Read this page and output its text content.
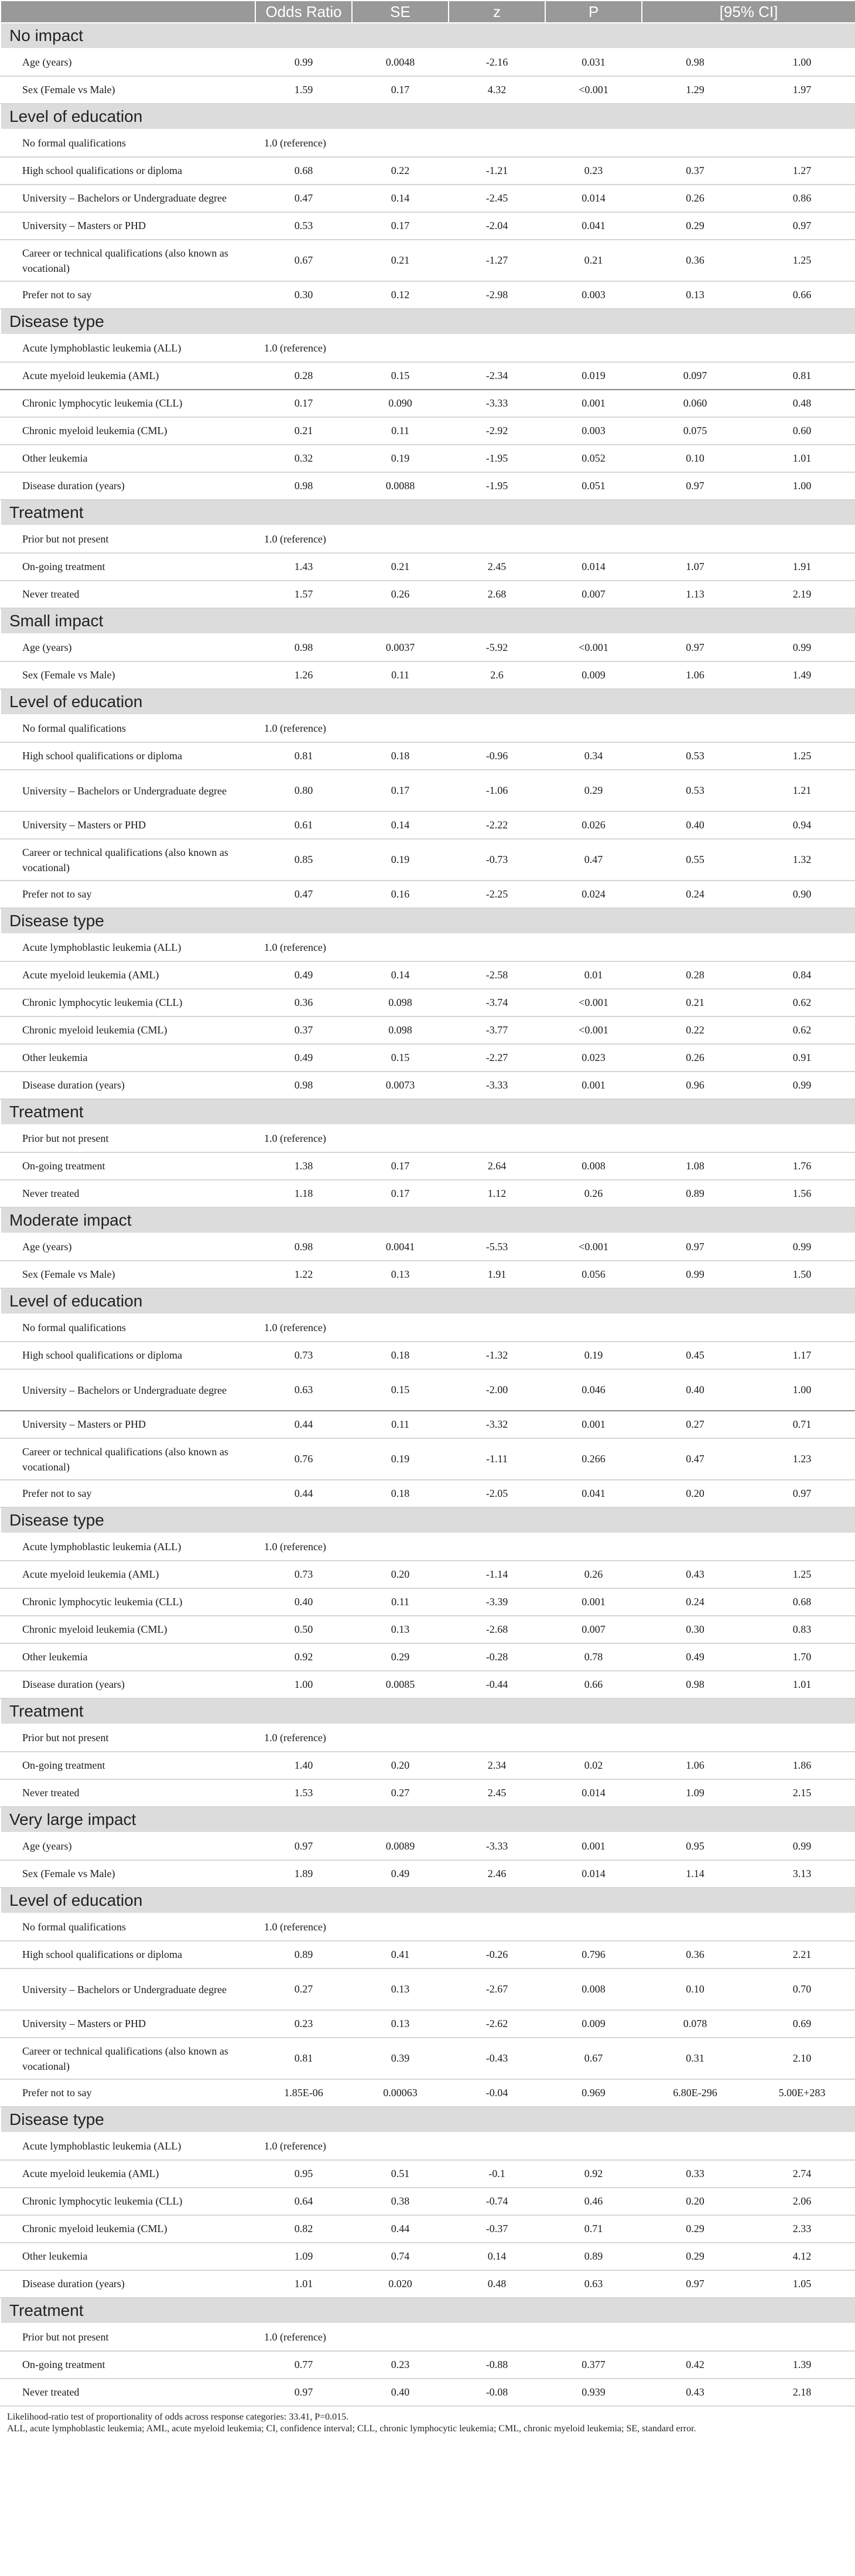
	Odds Ratio	SE	z	P	[95% CI]	
No impact						
Age (years)	0.99	0.0048	-2.16	0.031	0.98	1.00
Sex (Female vs Male)	1.59	0.17	4.32	<0.001	1.29	1.97
Level of education						
No formal qualifications	1.0 (reference)					
High school qualifications or diploma	0.68	0.22	-1.21	0.23	0.37	1.27
University – Bachelors or Undergraduate degree	0.47	0.14	-2.45	0.014	0.26	0.86
University – Masters or PHD	0.53	0.17	-2.04	0.041	0.29	0.97
Career or technical qualifications (also known as vocational)	0.67	0.21	-1.27	0.21	0.36	1.25
Prefer not to say	0.30	0.12	-2.98	0.003	0.13	0.66
Disease type						
Acute lymphoblastic leukemia (ALL)	1.0 (reference)					
Acute myeloid leukemia (AML)	0.28	0.15	-2.34	0.019	0.097	0.81
Chronic lymphocytic leukemia (CLL)	0.17	0.090	-3.33	0.001	0.060	0.48
Chronic myeloid leukemia (CML)	0.21	0.11	-2.92	0.003	0.075	0.60
Other leukemia	0.32	0.19	-1.95	0.052	0.10	1.01
Disease duration (years)	0.98	0.0088	-1.95	0.051	0.97	1.00
Treatment						
Prior but not present	1.0 (reference)					
On-going treatment	1.43	0.21	2.45	0.014	1.07	1.91
Never treated	1.57	0.26	2.68	0.007	1.13	2.19
Small impact						
Age (years)	0.98	0.0037	-5.92	<0.001	0.97	0.99
Sex (Female vs Male)	1.26	0.11	2.6	0.009	1.06	1.49
Level of education						
No formal qualifications	1.0 (reference)					
High school qualifications or diploma	0.81	0.18	-0.96	0.34	0.53	1.25
University – Bachelors or Undergraduate degree	0.80	0.17	-1.06	0.29	0.53	1.21
University – Masters or PHD	0.61	0.14	-2.22	0.026	0.40	0.94
Career or technical qualifications (also known as vocational)	0.85	0.19	-0.73	0.47	0.55	1.32
Prefer not to say	0.47	0.16	-2.25	0.024	0.24	0.90
Disease type						
Acute lymphoblastic leukemia (ALL)	1.0 (reference)					
Acute myeloid leukemia (AML)	0.49	0.14	-2.58	0.01	0.28	0.84
Chronic lymphocytic leukemia (CLL)	0.36	0.098	-3.74	<0.001	0.21	0.62
Chronic myeloid leukemia (CML)	0.37	0.098	-3.77	<0.001	0.22	0.62
Other leukemia	0.49	0.15	-2.27	0.023	0.26	0.91
Disease duration (years)	0.98	0.0073	-3.33	0.001	0.96	0.99
Treatment						
Prior but not present	1.0 (reference)					
On-going treatment	1.38	0.17	2.64	0.008	1.08	1.76
Never treated	1.18	0.17	1.12	0.26	0.89	1.56
Moderate impact						
Age (years)	0.98	0.0041	-5.53	<0.001	0.97	0.99
Sex (Female vs Male)	1.22	0.13	1.91	0.056	0.99	1.50
Level of education						
No formal qualifications	1.0 (reference)					
High school qualifications or diploma	0.73	0.18	-1.32	0.19	0.45	1.17
University – Bachelors or Undergraduate degree	0.63	0.15	-2.00	0.046	0.40	1.00
University – Masters or PHD	0.44	0.11	-3.32	0.001	0.27	0.71
Career or technical qualifications (also known as vocational)	0.76	0.19	-1.11	0.266	0.47	1.23
Prefer not to say	0.44	0.18	-2.05	0.041	0.20	0.97
Disease type						
Acute lymphoblastic leukemia (ALL)	1.0 (reference)					
Acute myeloid leukemia (AML)	0.73	0.20	-1.14	0.26	0.43	1.25
Chronic lymphocytic leukemia (CLL)	0.40	0.11	-3.39	0.001	0.24	0.68
Chronic myeloid leukemia (CML)	0.50	0.13	-2.68	0.007	0.30	0.83
Other leukemia	0.92	0.29	-0.28	0.78	0.49	1.70
Disease duration (years)	1.00	0.0085	-0.44	0.66	0.98	1.01
Treatment						
Prior but not present	1.0 (reference)					
On-going treatment	1.40	0.20	2.34	0.02	1.06	1.86
Never treated	1.53	0.27	2.45	0.014	1.09	2.15
Very large impact						
Age (years)	0.97	0.0089	-3.33	0.001	0.95	0.99
Sex (Female vs Male)	1.89	0.49	2.46	0.014	1.14	3.13
Level of education						
No formal qualifications	1.0 (reference)					
High school qualifications or diploma	0.89	0.41	-0.26	0.796	0.36	2.21
University – Bachelors or Undergraduate degree	0.27	0.13	-2.67	0.008	0.10	0.70
University – Masters or PHD	0.23	0.13	-2.62	0.009	0.078	0.69
Career or technical qualifications (also known as vocational)	0.81	0.39	-0.43	0.67	0.31	2.10
Prefer not to say	1.85E-06	0.00063	-0.04	0.969	6.80E-296	5.00E+283
Disease type						
Acute lymphoblastic leukemia (ALL)	1.0 (reference)					
Acute myeloid leukemia (AML)	0.95	0.51	-0.1	0.92	0.33	2.74
Chronic lymphocytic leukemia (CLL)	0.64	0.38	-0.74	0.46	0.20	2.06
Chronic myeloid leukemia (CML)	0.82	0.44	-0.37	0.71	0.29	2.33
Other leukemia	1.09	0.74	0.14	0.89	0.29	4.12
Disease duration (years)	1.01	0.020	0.48	0.63	0.97	1.05
Treatment						
Prior but not present	1.0 (reference)					
On-going treatment	0.77	0.23	-0.88	0.377	0.42	1.39
Never treated	0.97	0.40	-0.08	0.939	0.43	2.18
Likelihood-ratio test of proportionality of odds across response categories: 33.41, P=0.015.
ALL, acute lymphoblastic leukemia; AML, acute myeloid leukemia; CI, confidence interval; CLL, chronic lymphocytic leukemia; CML, chronic myeloid leukemia; SE, standard error.
